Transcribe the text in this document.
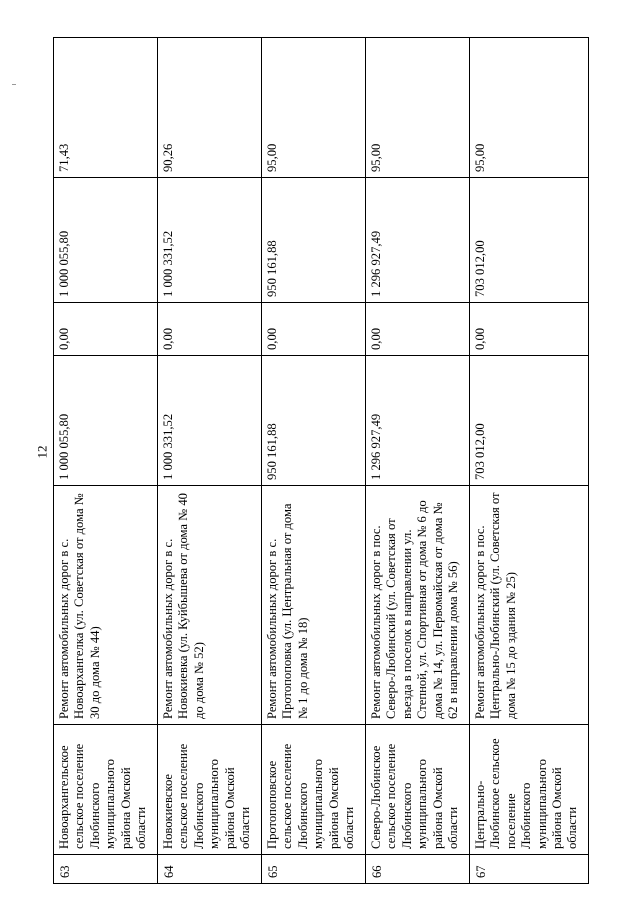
12
63	Новоархангельское сельское поселение Любинского муниципального района Омской области	Ремонт автомобильных дорог в с. Новоархангелка (ул. Советская от дома № 30 до дома № 44)	1 000 055,80	0,00	1 000 055,80	71,43
64	Новокиевское сельское поселение Любинского муниципального района Омской области	Ремонт автомобильных дорог в с. Новокиевка (ул. Куйбышева от дома № 40 до дома № 52)	1 000 331,52	0,00	1 000 331,52	90,26
65	Протопоповское сельское поселение Любинского муниципального района Омской области	Ремонт автомобильных дорог в с. Протопоповка (ул. Центральная от дома № 1 до дома № 18)	950 161,88	0,00	950 161,88	95,00
66	Северо-Любинское сельское поселение Любинского муниципального района Омской области	Ремонт автомобильных дорог в пос. Северо-Любинский (ул. Советская от въезда в поселок в направлении ул. Степной, ул. Спортивная от дома № 6 до дома № 14, ул. Первомайская от дома № 62 в направлении дома № 56)	1 296 927,49	0,00	1 296 927,49	95,00
67	Центрально-Любинское сельское поселение Любинского муниципального района Омской области	Ремонт автомобильных дорог в пос. Центрально-Любинский (ул. Советская от дома № 15 до здания № 25)	703 012,00	0,00	703 012,00	95,00
